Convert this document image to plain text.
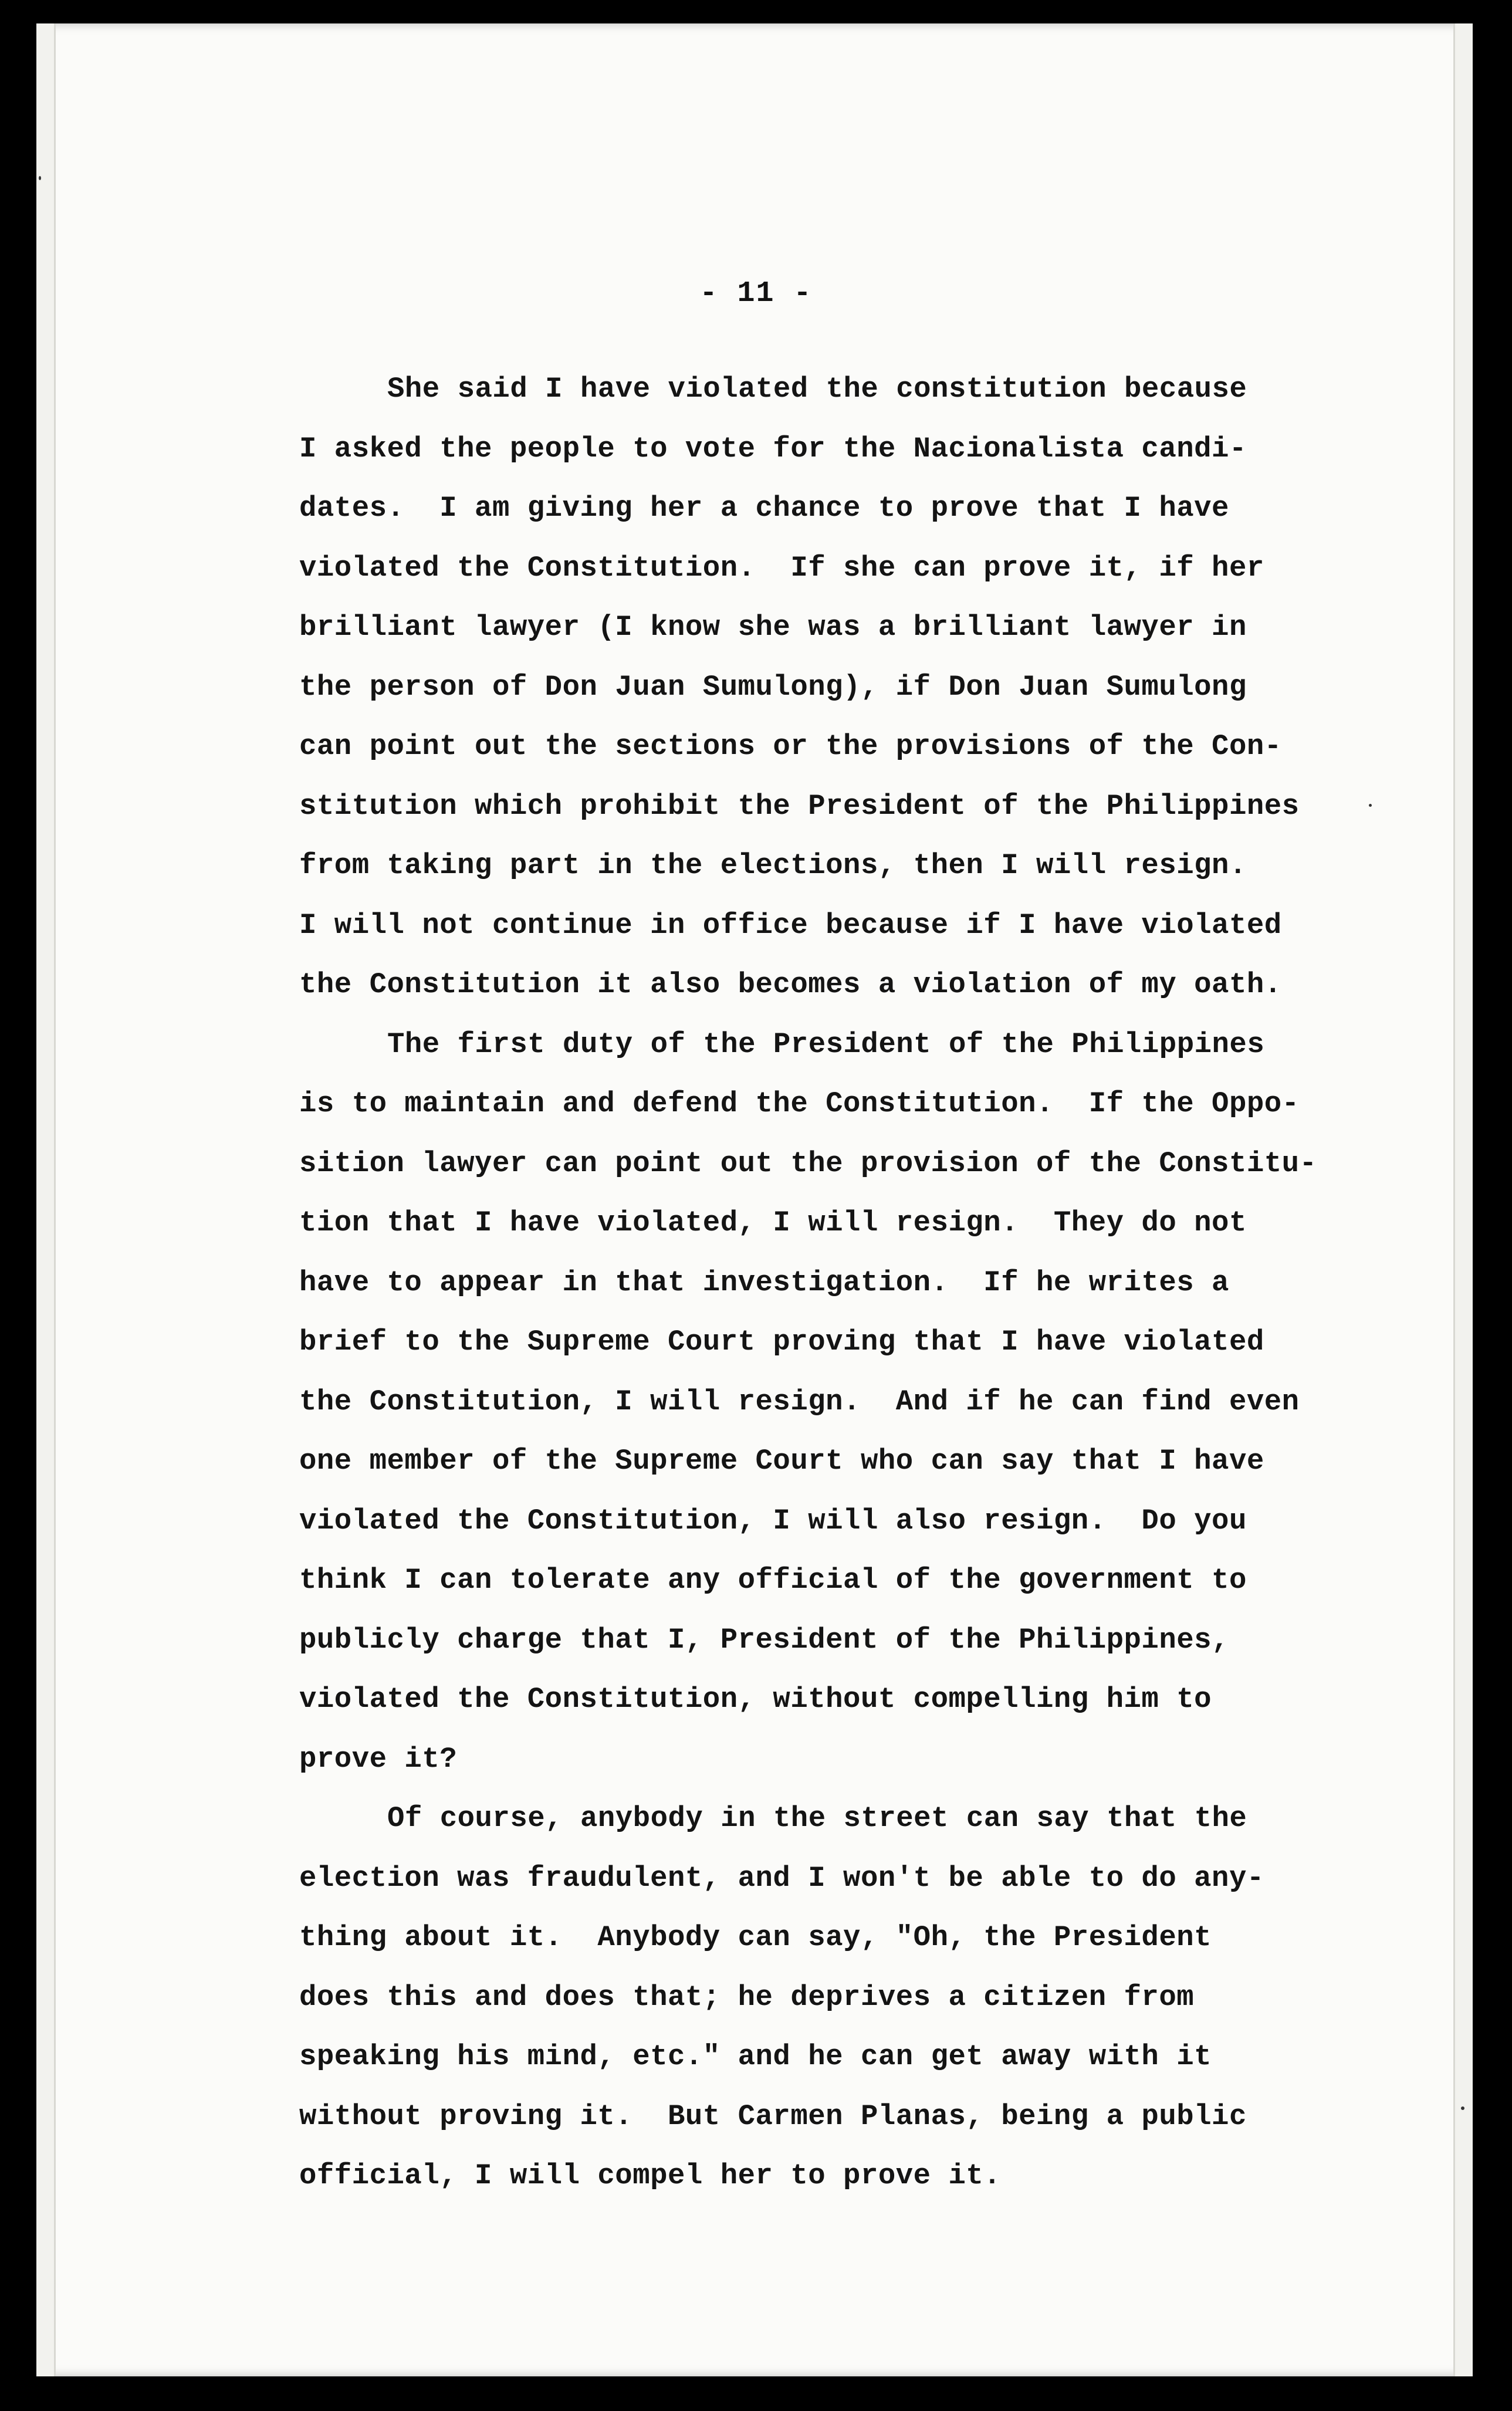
- 11 -
She said I have violated the constitution because
I asked the people to vote for the Nacionalista candi-
dates.  I am giving her a chance to prove that I have
violated the Constitution.  If she can prove it, if her
brilliant lawyer (I know she was a brilliant lawyer in
the person of Don Juan Sumulong), if Don Juan Sumulong
can point out the sections or the provisions of the Con-
stitution which prohibit the President of the Philippines
from taking part in the elections, then I will resign.
I will not continue in office because if I have violated
the Constitution it also becomes a violation of my oath.
The first duty of the President of the Philippines
is to maintain and defend the Constitution.  If the Oppo-
sition lawyer can point out the provision of the Constitu-
tion that I have violated, I will resign.  They do not
have to appear in that investigation.  If he writes a
brief to the Supreme Court proving that I have violated
the Constitution, I will resign.  And if he can find even
one member of the Supreme Court who can say that I have
violated the Constitution, I will also resign.  Do you
think I can tolerate any official of the government to
publicly charge that I, President of the Philippines,
violated the Constitution, without compelling him to
prove it?
Of course, anybody in the street can say that the
election was fraudulent, and I won't be able to do any-
thing about it.  Anybody can say, "Oh, the President
does this and does that; he deprives a citizen from
speaking his mind, etc." and he can get away with it
without proving it.  But Carmen Planas, being a public
official, I will compel her to prove it.
